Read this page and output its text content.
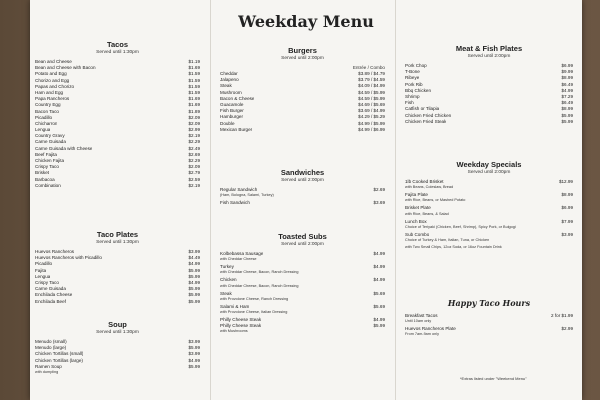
Weekday Menu
Tacos
Served until 1:30pm
Bean and Cheese	$1.19
Bean and Cheese with Bacon	$1.69
Potato and Egg	$1.59
Chorizo and Egg	$1.59
Papas and Chorizo	$1.59
Ham and Egg	$1.59
Papa Rancheros	$1.69
Country Egg	$1.69
Bacon Taco	$1.89
Picadillo	$2.09
Chicharron	$2.09
Lengua	$2.99
Country Gravy	$2.19
Carne Guisada	$2.29
Carne Guisada with Cheese	$2.49
Beef Fajita	$2.69
Chicken Fajita	$2.29
Crispy Taco	$2.09
Brisket	$2.79
Barbacoa	$2.59
Combination	$2.19
Taco Plates
Served until 1:30pm
Huevos Rancheros	$3.99
Huevos Rancheros with Picadillo	$4.49
Picadillo	$4.99
Fajita	$5.99
Lengua	$5.99
Crispy Taco	$4.99
Carne Guisada	$5.99
Enchilada Cheese	$5.99
Enchilada Beef	$5.99
Soup
Served until 1:30pm
Menudo (small)	$3.99
Menudo (large)	$5.99
Chicken Tortillas (small)	$3.99
Chicken Tortillas (large)	$4.99
Ramen Soup	$5.99
with dumpling
Burgers
Served until 2:00pm
Entrée / Combo
Cheddar	$3.89 / $4.79
Jalapeno	$3.79 / $4.59
Steak	$4.09 / $4.99
Mushroom	$4.59 / $5.99
Bacon & Cheese	$4.59 / $5.99
Guacamole	$4.69 / $5.69
Fish Burger	$3.69 / $4.99
Hamburger	$4.29 / $5.29
Double	$4.99 / $5.99
Mexican Burger	$4.99 / $6.99
Sandwiches
Served until 2:00pm
Regular Sandwich	$2.69
(Ham, Bologna, Salami, Turkey)
Fish Sandwich	$3.69
Toasted Subs
Served until 2:00pm
Kolbebassa Sausage	$4.99
with Cheddar Cheese
Turkey	$4.99
with Cheddar Cheese, Bacon, Ranch Dressing
Chicken	$4.99
with Cheddar Cheese, Bacon, Ranch Dressing
Steak	$5.69
with Provolone Cheese, Ranch Dressing
Salami & Ham	$5.69
with Provolone Cheese, Italian Dressing
Philly Cheese Steak	$4.99
Philly Cheese Steak	$5.99
with Mushrooms
Meat & Fish Plates
Served until 2:00pm
Pork Chop	$6.99
T-Bone	$9.99
Ribeye	$8.99
Pork Rib	$6.49
Bbq Chicken	$4.99
Shrimp	$7.29
Fish	$6.49
Catfish or Tilapia	$8.99
Chicken Fried Chicken	$5.99
Chicken Fried Steak	$5.99
Weekday Specials
Served until 2:00pm
1lb Cooked Brisket	$12.99
with Beans, Coleslaw, Bread
Fajita Plate	$8.99
with Rice, Beans, or Mashed Potato
Brisket Plate	$6.99
with Rice, Beans, & Salad
Lunch Box	$7.99
Choice of Teriyaki (Chicken, Beef, Shrimp), Spicy Pork, or Bulgogi
Sub Combo	$3.99
Choice of Turkey & Ham, Italian, Tuna, or Chicken
with Two Small Chips, 12oz Soda, or 16oz Fountain Drink
Happy Taco Hours
Breakfast Tacos	2 for $1.99
Until 10am only
Huevos Rancheros Plate	$2.99
From 7am-9am only
*Extras listed under "Weekend Menu"
